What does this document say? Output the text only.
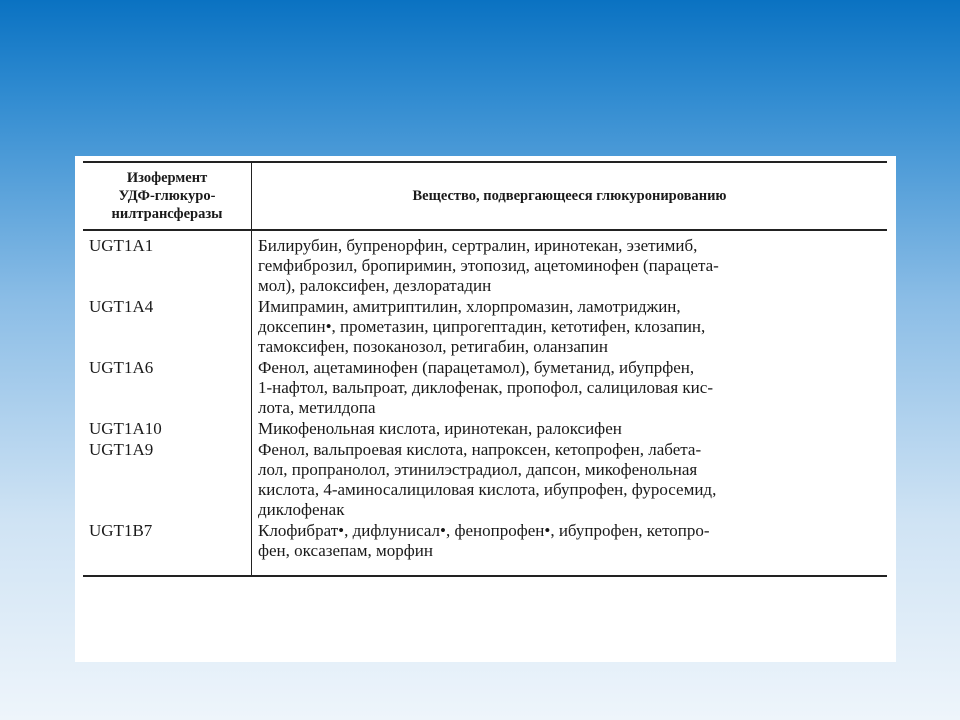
Изофермент
УДФ-глюкуро-
нилтрансферазы	Вещество, подвергающееся глюкуронированию
UGT1A1	Билирубин, бупренорфин, сертралин, иринотекан, эзетимиб,
гемфиброзил, бропиримин, этопозид, ацетоминофен (парацета-
мол), ралоксифен, дезлоратадин

UGT1A4	Имипрамин, амитриптилин, хлорпромазин, ламотриджин,
доксепин•, прометазин, ципрогептадин, кетотифен, клозапин,
тамоксифен, позоканозол, ретигабин, оланзапин

UGT1A6	Фенол, ацетаминофен (парацетамол), буметанид, ибупрфен,
1-нафтол, вальпроат, диклофенак, пропофол, салициловая кис-
лота, метилдопа

UGT1A10	Микофенольная кислота, иринотекан, ралоксифен

UGT1A9	Фенол, вальпроевая кислота, напроксен, кетопрофен, лабета-
лол, пропранолол, этинилэстрадиол, дапсон, микофенольная
кислота, 4-аминосалициловая кислота, ибупрофен, фуросемид,
диклофенак

UGT1B7	Клофибрат•, дифлунисал•, фенопрофен•, ибупрофен, кетопро-
фен, оксазепам, морфин
